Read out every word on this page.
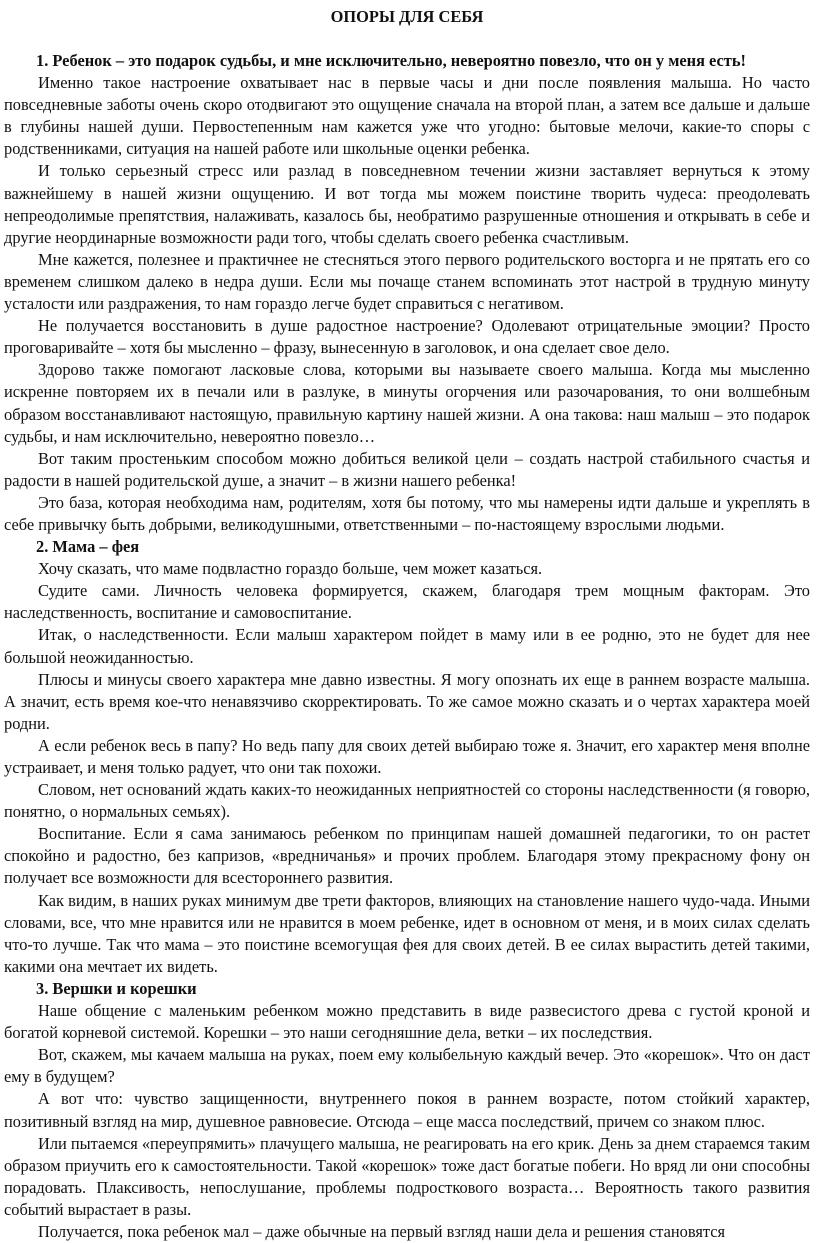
ОПОРЫ ДЛЯ СЕБЯ

1. Ребенок – это подарок судьбы, и мне исключительно, невероятно повезло, что он у меня есть!

Именно такое настроение охватывает нас в первые часы и дни после появления малыша. Но часто повседневные заботы очень скоро отодвигают это ощущение сначала на второй план, а затем все дальше и дальше в глубины нашей души. Первостепенным нам кажется уже что угодно: бытовые мелочи, какие-то споры с родственниками, ситуация на нашей работе или школьные оценки ребенка.

И только серьезный стресс или разлад в повседневном течении жизни заставляет вернуться к этому важнейшему в нашей жизни ощущению. И вот тогда мы можем поистине творить чудеса: преодолевать непреодолимые препятствия, налаживать, казалось бы, необратимо разрушенные отношения и открывать в себе и другие неординарные возможности ради того, чтобы сделать своего ребенка счастливым.

Мне кажется, полезнее и практичнее не стесняться этого первого родительского восторга и не прятать его со временем слишком далеко в недра души. Если мы почаще станем вспоминать этот настрой в трудную минуту усталости или раздражения, то нам гораздо легче будет справиться с негативом.

Не получается восстановить в душе радостное настроение? Одолевают отрицательные эмоции? Просто проговаривайте – хотя бы мысленно – фразу, вынесенную в заголовок, и она сделает свое дело.

Здорово также помогают ласковые слова, которыми вы называете своего малыша. Когда мы мысленно искренне повторяем их в печали или в разлуке, в минуты огорчения или разочарования, то они волшебным образом восстанавливают настоящую, правильную картину нашей жизни. А она такова: наш малыш – это подарок судьбы, и нам исключительно, невероятно повезло…

Вот таким простеньким способом можно добиться великой цели – создать настрой стабильного счастья и радости в нашей родительской душе, а значит – в жизни нашего ребенка!

Это база, которая необходима нам, родителям, хотя бы потому, что мы намерены идти дальше и укреплять в себе привычку быть добрыми, великодушными, ответственными – по-настоящему взрослыми людьми.

2. Мама – фея

Хочу сказать, что маме подвластно гораздо больше, чем может казаться.

Судите сами. Личность человека формируется, скажем, благодаря трем мощным факторам. Это наследственность, воспитание и самовоспитание.

Итак, о наследственности. Если малыш характером пойдет в маму или в ее родню, это не будет для нее большой неожиданностью.

Плюсы и минусы своего характера мне давно известны. Я могу опознать их еще в раннем возрасте малыша. А значит, есть время кое-что ненавязчиво скорректировать. То же самое можно сказать и о чертах характера моей родни.

А если ребенок весь в папу? Но ведь папу для своих детей выбираю тоже я. Значит, его характер меня вполне устраивает, и меня только радует, что они так похожи.

Словом, нет оснований ждать каких-то неожиданных неприятностей со стороны наследственности (я говорю, понятно, о нормальных семьях).

Воспитание. Если я сама занимаюсь ребенком по принципам нашей домашней педагогики, то он растет спокойно и радостно, без капризов, «вредничанья» и прочих проблем. Благодаря этому прекрасному фону он получает все возможности для всестороннего развития.

Как видим, в наших руках минимум две трети факторов, влияющих на становление нашего чудо-чада. Иными словами, все, что мне нравится или не нравится в моем ребенке, идет в основном от меня, и в моих силах сделать что-то лучше. Так что мама – это поистине всемогущая фея для своих детей. В ее силах вырастить детей такими, какими она мечтает их видеть.

3. Вершки и корешки

Наше общение с маленьким ребенком можно представить в виде развесистого древа с густой кроной и богатой корневой системой. Корешки – это наши сегодняшние дела, ветки – их последствия.

Вот, скажем, мы качаем малыша на руках, поем ему колыбельную каждый вечер. Это «корешок». Что он даст ему в будущем?

А вот что: чувство защищенности, внутреннего покоя в раннем возрасте, потом стойкий характер, позитивный взгляд на мир, душевное равновесие. Отсюда – еще масса последствий, причем со знаком плюс.

Или пытаемся «переупрямить» плачущего малыша, не реагировать на его крик. День за днем стараемся таким образом приучить его к самостоятельности. Такой «корешок» тоже даст богатые побеги. Но вряд ли они способны порадовать. Плаксивость, непослушание, проблемы подросткового возраста… Вероятность такого развития событий вырастает в разы.

Получается, пока ребенок мал – даже обычные на первый взгляд наши дела и решения становятся
